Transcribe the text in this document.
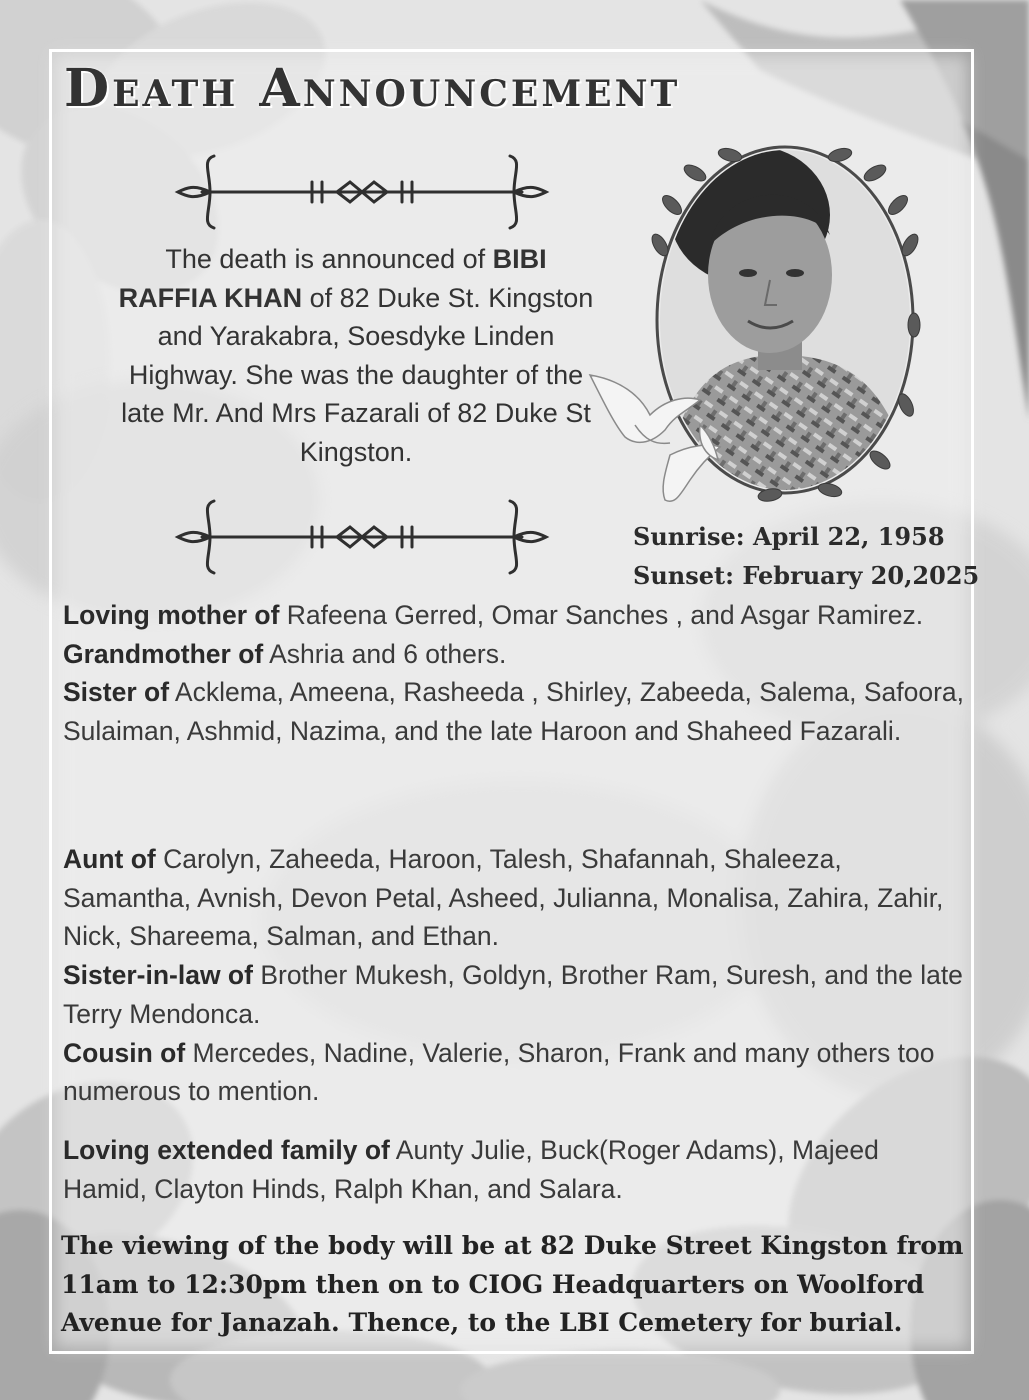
Death Announcement

The death is announced of BIBI RAFFIA KHAN of 82 Duke St. Kingston and Yarakabra, Soesdyke Linden Highway. She was the daughter of the late Mr. And Mrs Fazarali of 82 Duke St Kingston.

Sunrise: April 22, 1958

Sunset: February 20,2025

Loving mother of Rafeena Gerred, Omar Sanches , and Asgar Ramirez.
Grandmother of Ashria and 6 others.
Sister of Acklema, Ameena, Rasheeda , Shirley, Zabeeda, Salema, Safoora, Sulaiman, Ashmid, Nazima, and the late Haroon and Shaheed Fazarali.

Aunt of Carolyn, Zaheeda, Haroon, Talesh, Shafannah, Shaleeza, Samantha, Avnish, Devon Petal, Asheed, Julianna, Monalisa, Zahira, Zahir, Nick, Shareema, Salman, and Ethan.
Sister-in-law of Brother Mukesh, Goldyn, Brother Ram, Suresh, and the late Terry Mendonca.
Cousin of Mercedes, Nadine, Valerie, Sharon, Frank and many others too numerous to mention.

Loving extended family of Aunty Julie, Buck(Roger Adams), Majeed Hamid, Clayton Hinds, Ralph Khan, and Salara.

The viewing of the body will be at 82 Duke Street Kingston from 11am to 12:30pm then on to CIOG Headquarters on Woolford Avenue for Janazah. Thence, to the LBI Cemetery for burial.
